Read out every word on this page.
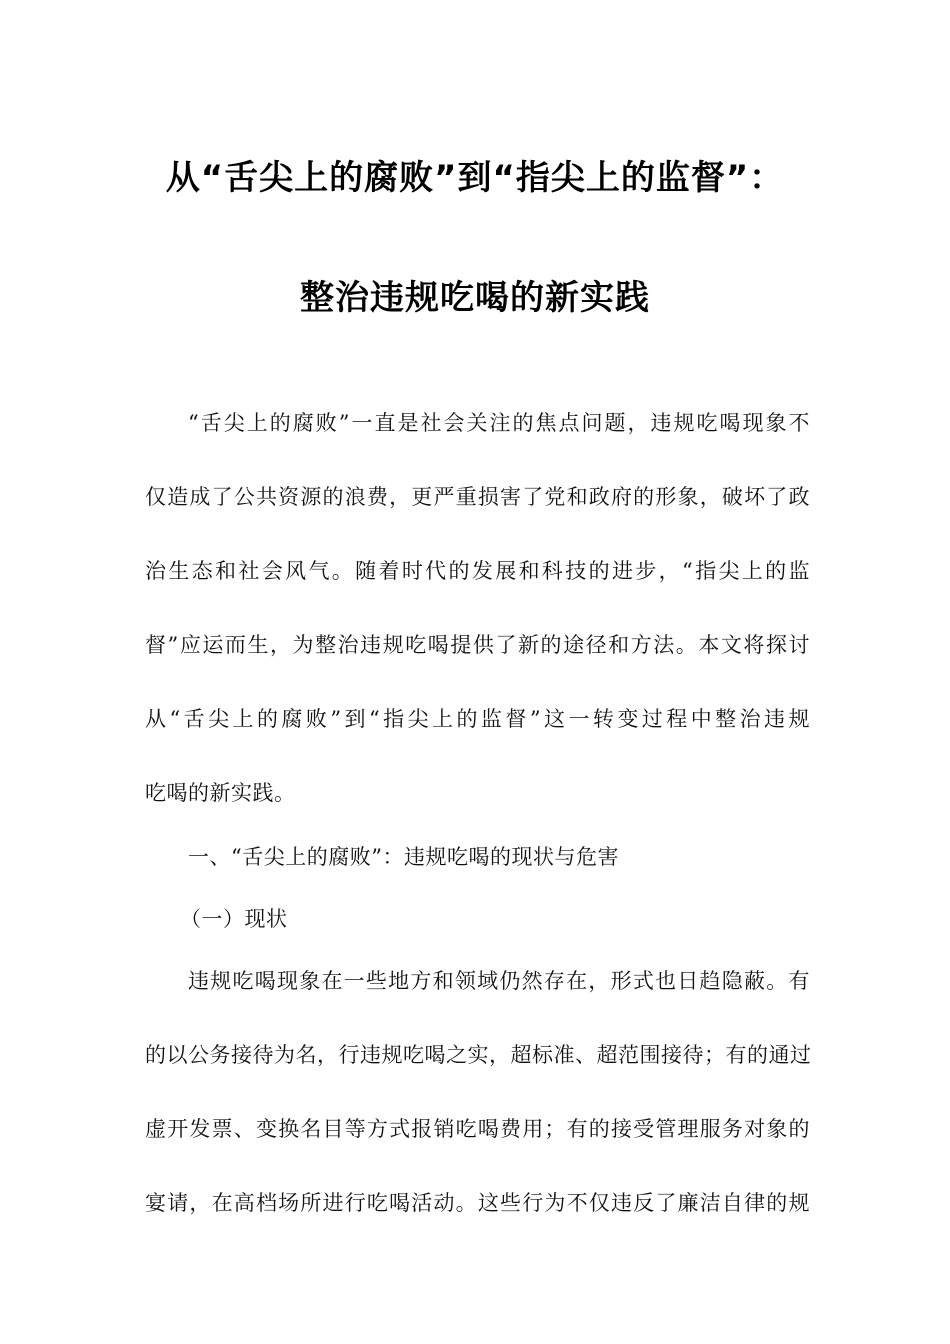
从“舌尖上的腐败”到“指尖上的监督”：
整治违规吃喝的新实践
“舌尖上的腐败”一直是社会关注的焦点问题，违规吃喝现象不
仅造成了公共资源的浪费，更严重损害了党和政府的形象，破坏了政
治生态和社会风气。随着时代的发展和科技的进步，“指尖上的监
督”应运而生，为整治违规吃喝提供了新的途径和方法。本文将探讨
从“舌尖上的腐败”到“指尖上的监督”这一转变过程中整治违规
吃喝的新实践。
一、“舌尖上的腐败”：违规吃喝的现状与危害
（一）现状
违规吃喝现象在一些地方和领域仍然存在，形式也日趋隐蔽。有
的以公务接待为名，行违规吃喝之实，超标准、超范围接待；有的通过
虚开发票、变换名目等方式报销吃喝费用；有的接受管理服务对象的
宴请，在高档场所进行吃喝活动。这些行为不仅违反了廉洁自律的规
